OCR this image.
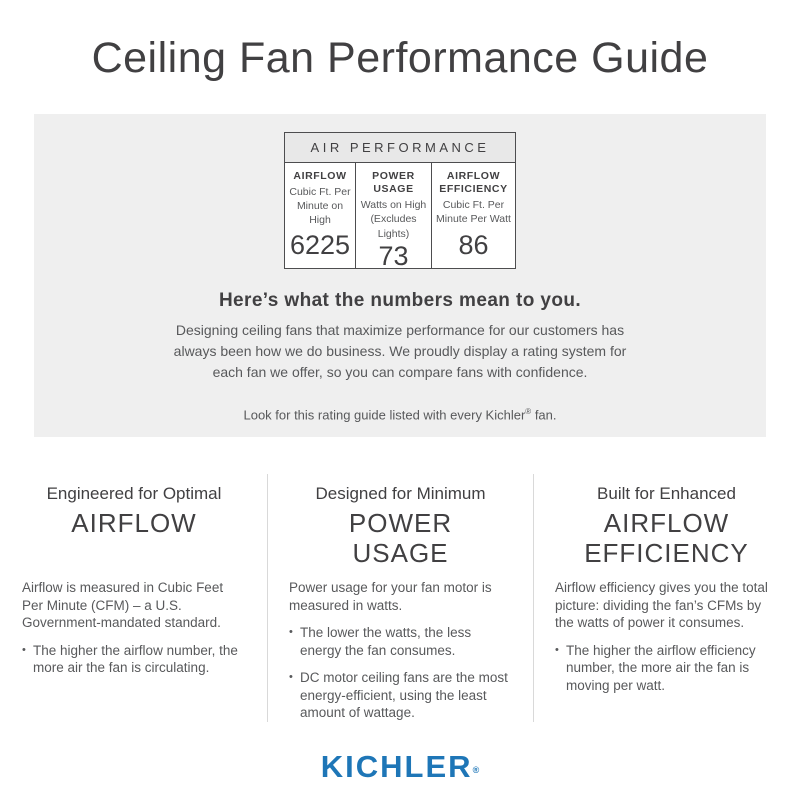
Ceiling Fan Performance Guide
AIR PERFORMANCE
AIRFLOW
Cubic Ft. Per Minute on High
6225
POWER USAGE
Watts on High (Excludes Lights)
73
AIRFLOW EFFICIENCY
Cubic Ft. Per Minute Per Watt
86
Here’s what the numbers mean to you.

Designing ceiling fans that maximize performance for our customers has always been how we do business. We proudly display a rating system for each fan we offer, so you can compare fans with confidence.

Look for this rating guide listed with every Kichler® fan.

Engineered for Optimal
AIRFLOW

Airflow is measured in Cubic Feet Per Minute (CFM) – a U.S. Government-mandated standard.

• The higher the airflow number, the more air the fan is circulating.
Designed for Minimum
POWER
USAGE

Power usage for your fan motor is measured in watts.

• The lower the watts, the less energy the fan consumes.
• DC motor ceiling fans are the most energy-efficient, using the least amount of wattage.
Built for Enhanced
AIRFLOW
EFFICIENCY

Airflow efficiency gives you the total picture: dividing the fan’s CFMs by the watts of power it consumes.

• The higher the airflow efficiency number, the more air the fan is moving per watt.
KICHLER®
